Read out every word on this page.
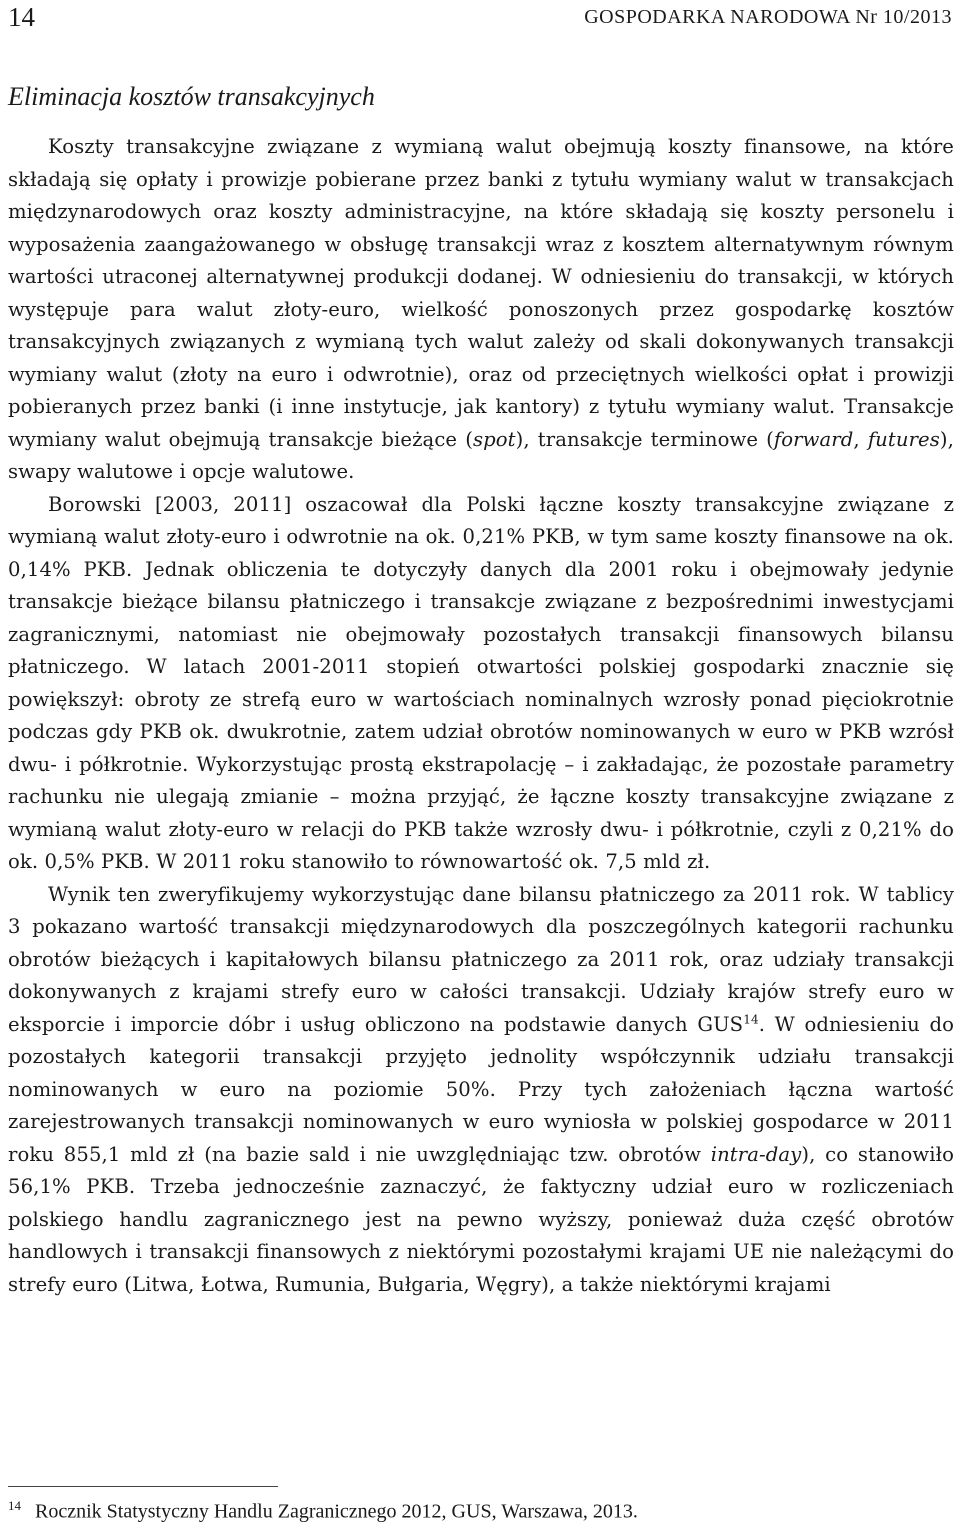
14	GOSPODARKA NARODOWA Nr 10/2013
Eliminacja kosztów transakcyjnych

Koszty transakcyjne związane z wymianą walut obejmują koszty finansowe, na które składają się opłaty i prowizje pobierane przez banki z tytułu wymiany walut w transakcjach międzynarodowych oraz koszty administracyjne, na które składają się koszty personelu i wyposażenia zaangażowanego w obsługę transakcji wraz z kosztem alternatywnym równym wartości utraconej alternatywnej produkcji dodanej. W odniesieniu do transakcji, w których występuje para walut złoty-euro, wielkość ponoszonych przez gospodarkę kosztów transakcyjnych związanych z wymianą tych walut zależy od skali dokonywanych transakcji wymiany walut (złoty na euro i odwrotnie), oraz od przeciętnych wielkości opłat i prowizji pobieranych przez banki (i inne instytucje, jak kantory) z tytułu wymiany walut. Transakcje wymiany walut obejmują transakcje bieżące (spot), transakcje terminowe (forward, futures), swapy walutowe i opcje walutowe.

Borowski [2003, 2011] oszacował dla Polski łączne koszty transakcyjne związane z wymianą walut złoty-euro i odwrotnie na ok. 0,21% PKB, w tym same koszty finansowe na ok. 0,14% PKB. Jednak obliczenia te dotyczyły danych dla 2001 roku i obejmowały jedynie transakcje bieżące bilansu płatniczego i transakcje związane z bezpośrednimi inwestycjami zagranicznymi, natomiast nie obejmowały pozostałych transakcji finansowych bilansu płatniczego. W latach 2001-2011 stopień otwartości polskiej gospodarki znacznie się powiększył: obroty ze strefą euro w wartościach nominalnych wzrosły ponad pięciokrotnie podczas gdy PKB ok. dwukrotnie, zatem udział obrotów nominowanych w euro w PKB wzrósł dwu- i półkrotnie. Wykorzystując prostą ekstrapolację – i zakładając, że pozostałe parametry rachunku nie ulegają zmianie – można przyjąć, że łączne koszty transakcyjne związane z wymianą walut złoty-euro w relacji do PKB także wzrosły dwu- i półkrotnie, czyli z 0,21% do ok. 0,5% PKB. W 2011 roku stanowiło to równowartość ok. 7,5 mld zł.

Wynik ten zweryfikujemy wykorzystując dane bilansu płatniczego za 2011 rok. W tablicy 3 pokazano wartość transakcji międzynarodowych dla poszczególnych kategorii rachunku obrotów bieżących i kapitałowych bilansu płatniczego za 2011 rok, oraz udziały transakcji dokonywanych z krajami strefy euro w całości transakcji. Udziały krajów strefy euro w eksporcie i imporcie dóbr i usług obliczono na podstawie danych GUS$^{14}$. W odniesieniu do pozostałych kategorii transakcji przyjęto jednolity współczynnik udziału transakcji nominowanych w euro na poziomie 50%. Przy tych założeniach łączna wartość zarejestrowanych transakcji nominowanych w euro wyniosła w polskiej gospodarce w 2011 roku 855,1 mld zł (na bazie sald i nie uwzględniając tzw. obrotów intra-day), co stanowiło 56,1% PKB. Trzeba jednocześnie zaznaczyć, że faktyczny udział euro w rozliczeniach polskiego handlu zagranicznego jest na pewno wyższy, ponieważ duża część obrotów handlowych i transakcji finansowych z niektórymi pozostałymi krajami UE nie należącymi do strefy euro (Litwa, Łotwa, Rumunia, Bułgaria, Węgry), a także niektórymi krajami

$^{14}$ Rocznik Statystyczny Handlu Zagranicznego 2012, GUS, Warszawa, 2013.
